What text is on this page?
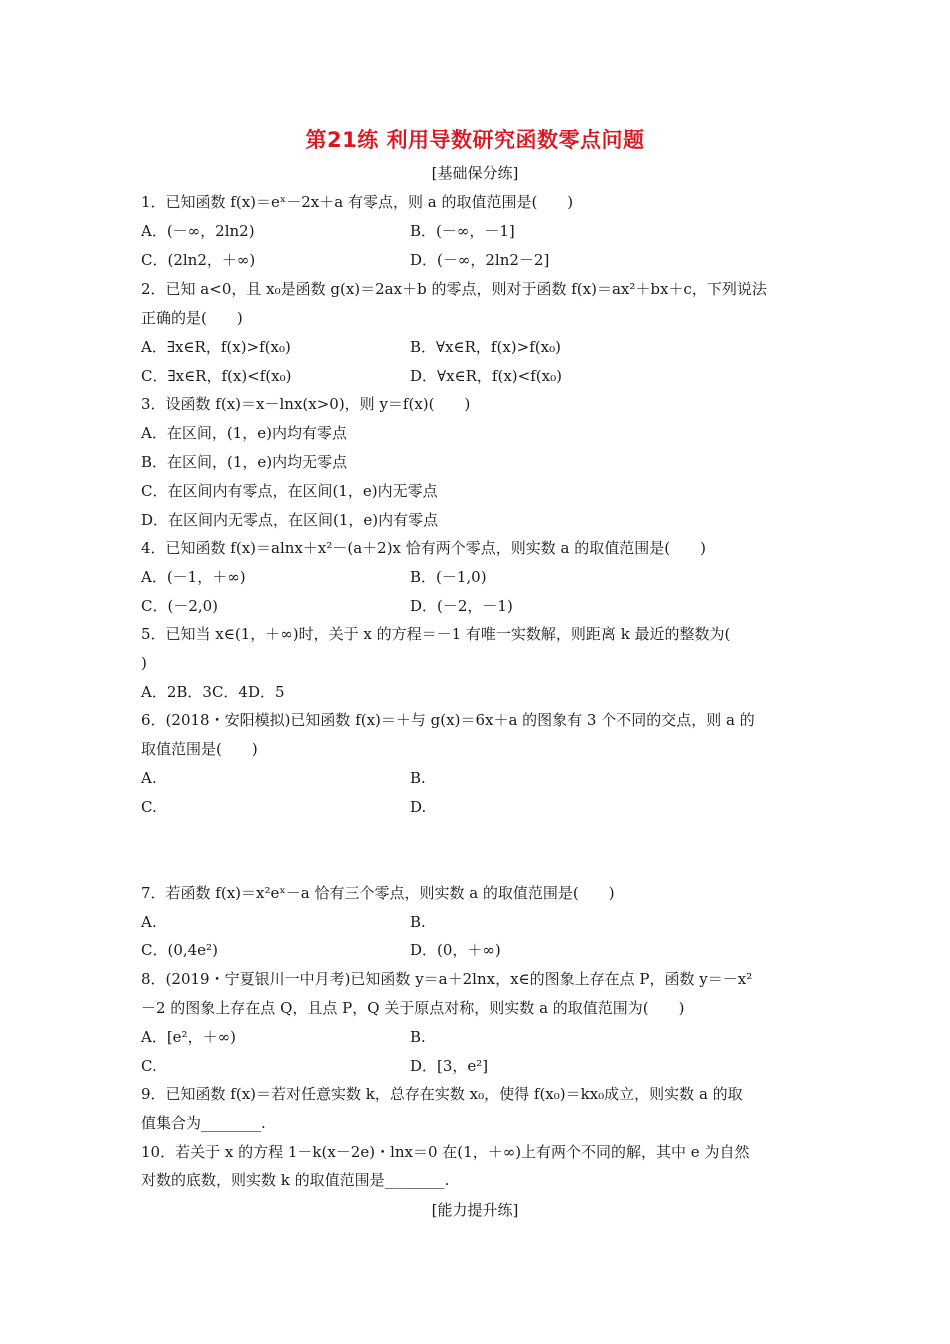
第21练 利用导数研究函数零点问题
[基础保分练]
1．已知函数 f(x)＝eˣ－2x＋a 有零点，则 a 的取值范围是(　　)
A．(－∞，2ln2)	B．(－∞，－1]
C．(2ln2，＋∞)	D．(－∞，2ln2－2]
2．已知 a<0，且 x₀是函数 g(x)＝2ax＋b 的零点，则对于函数 f(x)＝ax²＋bx＋c，下列说法
正确的是(　　)
A．∃x∈R，f(x)>f(x₀)	B．∀x∈R，f(x)>f(x₀)
C．∃x∈R，f(x)<f(x₀)	D．∀x∈R，f(x)<f(x₀)
3．设函数 f(x)＝x－lnx(x>0)，则 y＝f(x)(　　)
A．在区间，(1，e)内均有零点
B．在区间，(1，e)内均无零点
C．在区间内有零点，在区间(1，e)内无零点
D．在区间内无零点，在区间(1，e)内有零点
4．已知函数 f(x)＝alnx＋x²－(a＋2)x 恰有两个零点，则实数 a 的取值范围是(　　)
A．(－1，＋∞)	B．(－1,0)
C．(－2,0)	D．(－2，－1)
5．已知当 x∈(1，＋∞)时，关于 x 的方程＝－1 有唯一实数解，则距离 k 最近的整数为(
)
A．2B．3C．4D．5
6．(2018・安阳模拟)已知函数 f(x)＝＋与 g(x)＝6x＋a 的图象有 3 个不同的交点，则 a 的
取值范围是(　　)
A.	B.
C.	D.
7．若函数 f(x)＝x²eˣ－a 恰有三个零点，则实数 a 的取值范围是(　　)
A.	B.
C．(0,4e²)	D．(0，＋∞)
8．(2019・宁夏银川一中月考)已知函数 y＝a＋2lnx，x∈的图象上存在点 P，函数 y＝－x²
－2 的图象上存在点 Q，且点 P，Q 关于原点对称，则实数 a 的取值范围为(　　)
A．[e²，＋∞)	B.
C.	D．[3，e²]
9．已知函数 f(x)＝若对任意实数 k，总存在实数 x₀，使得 f(x₀)＝kx₀成立，则实数 a 的取
值集合为________.
10．若关于 x 的方程 1－k(x－2e)・lnx＝0 在(1，＋∞)上有两个不同的解，其中 e 为自然
对数的底数，则实数 k 的取值范围是________.
[能力提升练]
